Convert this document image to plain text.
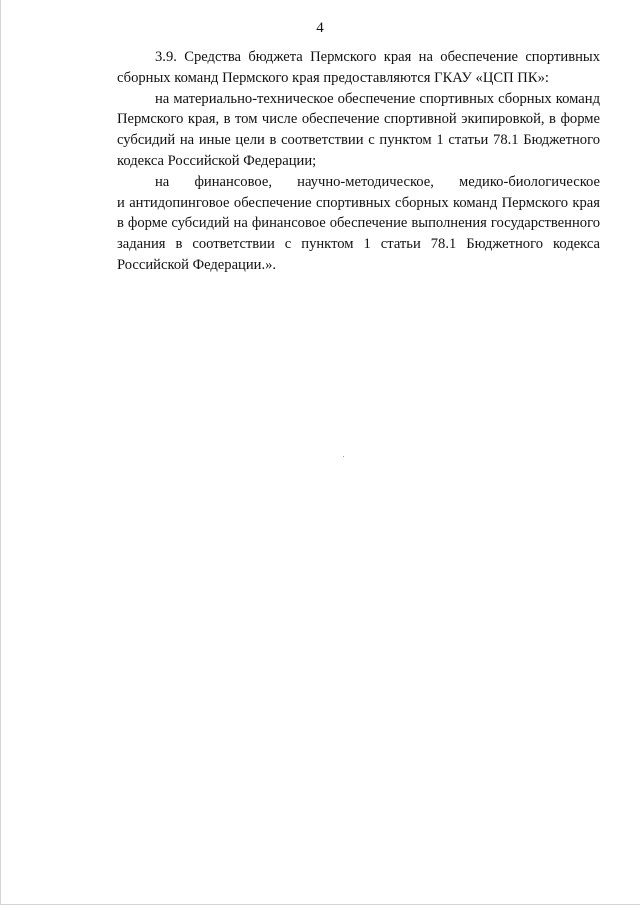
4
3.9. Средства бюджета Пермского края на обеспечение спортивных
сборных команд Пермского края предоставляются ГКАУ «ЦСП ПК»:
на материально-техническое обеспечение спортивных сборных команд
Пермского края, в том числе обеспечение спортивной экипировкой, в форме
субсидий на иные цели в соответствии с пунктом 1 статьи 78.1 Бюджетного
кодекса Российской Федерации;
на финансовое, научно-методическое, медико-биологическое
и антидопинговое обеспечение спортивных сборных команд Пермского края
в форме субсидий на финансовое обеспечение выполнения государственного
задания в соответствии с пунктом 1 статьи 78.1 Бюджетного кодекса
Российской Федерации.».
